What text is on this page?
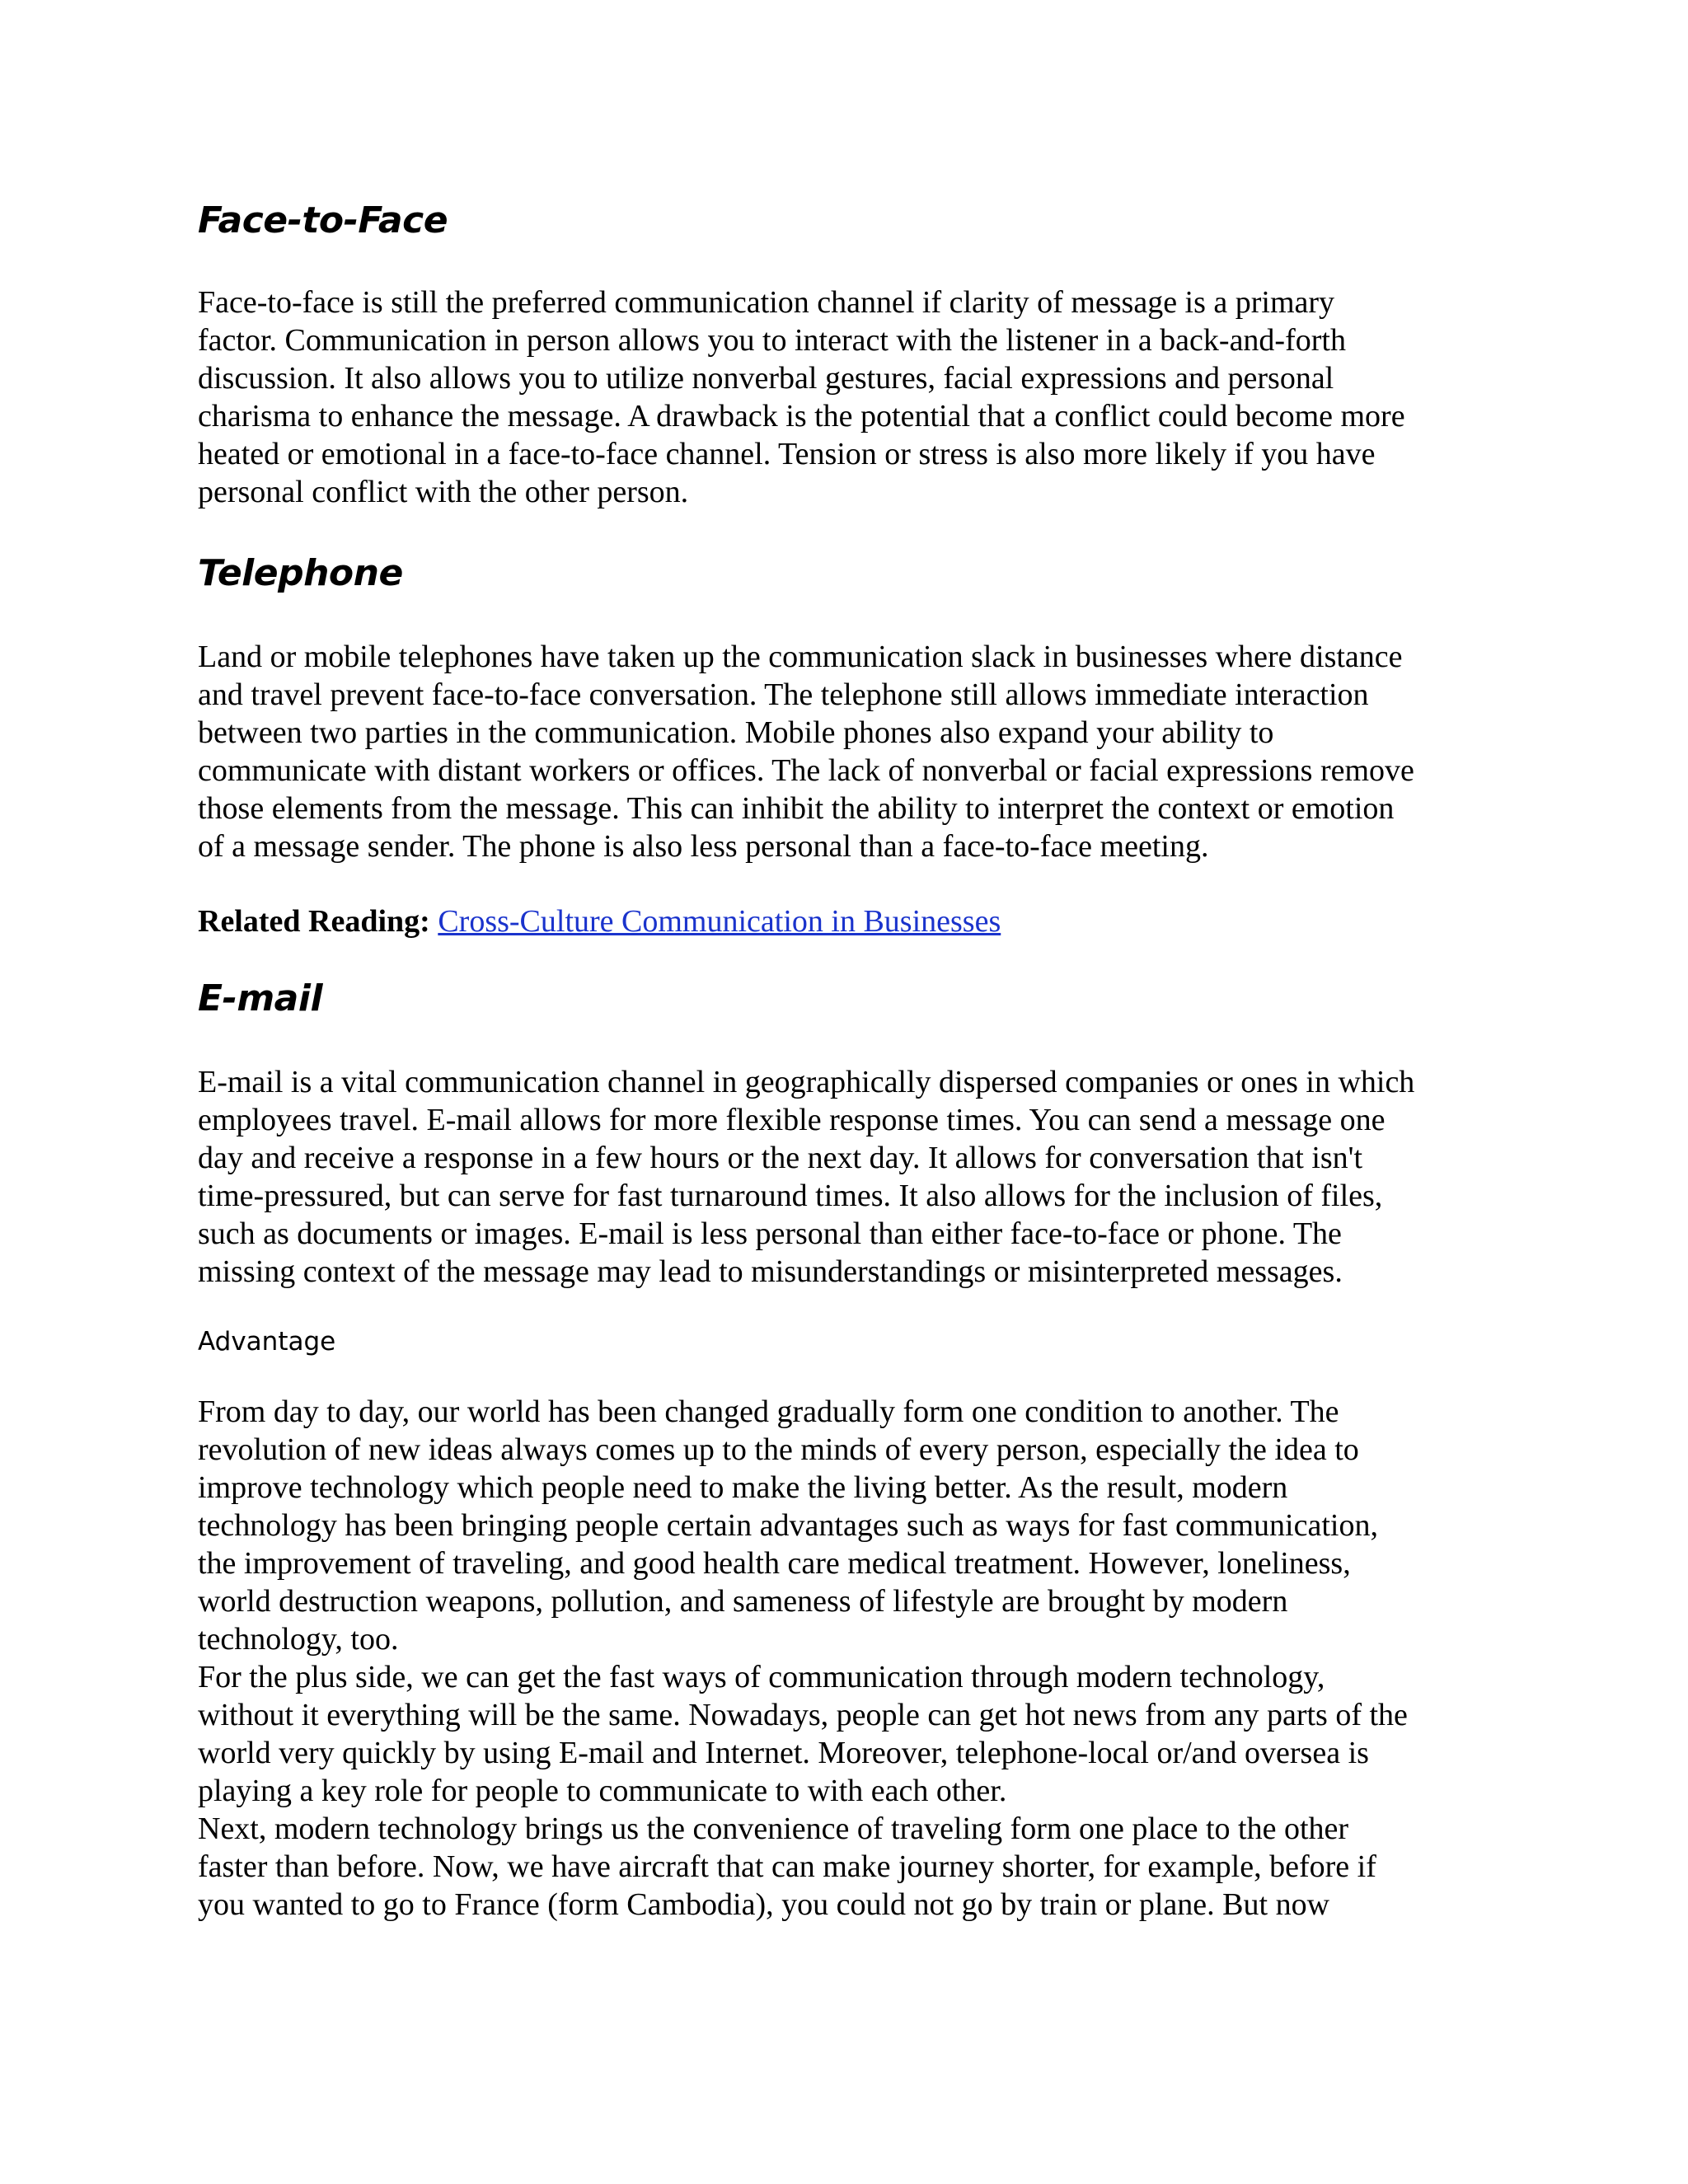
Face-to-Face

Face-to-face is still the preferred communication channel if clarity of message is a primary
factor. Communication in person allows you to interact with the listener in a back-and-forth
discussion. It also allows you to utilize nonverbal gestures, facial expressions and personal
charisma to enhance the message. A drawback is the potential that a conflict could become more
heated or emotional in a face-to-face channel. Tension or stress is also more likely if you have
personal conflict with the other person.

Telephone

Land or mobile telephones have taken up the communication slack in businesses where distance
and travel prevent face-to-face conversation. The telephone still allows immediate interaction
between two parties in the communication. Mobile phones also expand your ability to
communicate with distant workers or offices. The lack of nonverbal or facial expressions remove
those elements from the message. This can inhibit the ability to interpret the context or emotion
of a message sender. The phone is also less personal than a face-to-face meeting.

Related Reading: Cross-Culture Communication in Businesses
E-mail

E-mail is a vital communication channel in geographically dispersed companies or ones in which
employees travel. E-mail allows for more flexible response times. You can send a message one
day and receive a response in a few hours or the next day. It allows for conversation that isn't
time-pressured, but can serve for fast turnaround times. It also allows for the inclusion of files,
such as documents or images. E-mail is less personal than either face-to-face or phone. The
missing context of the message may lead to misunderstandings or misinterpreted messages.

Advantage

From day to day, our world has been changed gradually form one condition to another. The
revolution of new ideas always comes up to the minds of every person, especially the idea to
improve technology which people need to make the living better. As the result, modern
technology has been bringing people certain advantages such as ways for fast communication,
the improvement of traveling, and good health care medical treatment. However, loneliness,
world destruction weapons, pollution, and sameness of lifestyle are brought by modern
technology, too.

For the plus side, we can get the fast ways of communication through modern technology,
without it everything will be the same. Nowadays, people can get hot news from any parts of the
world very quickly by using E-mail and Internet. Moreover, telephone-local or/and oversea is
playing a key role for people to communicate to with each other.

Next, modern technology brings us the convenience of traveling form one place to the other
faster than before. Now, we have aircraft that can make journey shorter, for example, before if
you wanted to go to France (form Cambodia), you could not go by train or plane. But now
